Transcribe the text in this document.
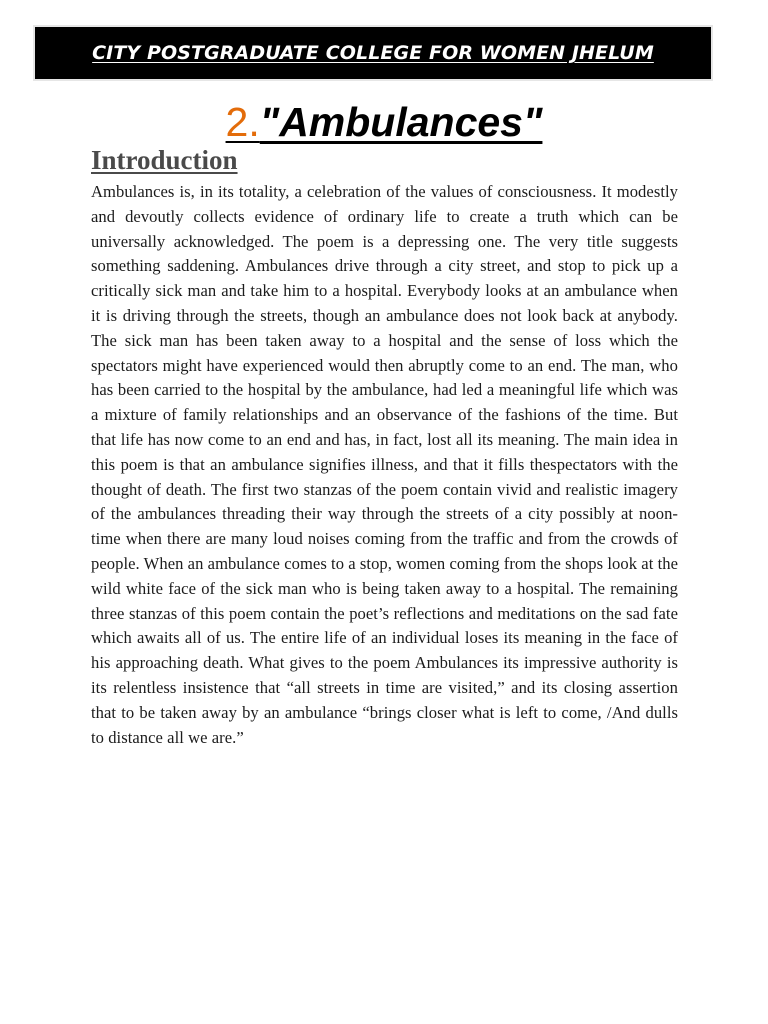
CITY POSTGRADUATE COLLEGE FOR WOMEN JHELUM
2."Ambulances"
Introduction

Ambulances is, in its totality, a celebration of the values of consciousness. It modestly and devoutly collects evidence of ordinary life to create a truth which can be universally acknowledged. The poem is a depressing one. The very title suggests something saddening. Ambulances drive through a city street, and stop to pick up a critically sick man and take him to a hospital. Everybody looks at an ambulance when it is driving through the streets, though an ambulance does not look back at anybody. The sick man has been taken away to a hospital and the sense of loss which the spectators might have experienced would then abruptly come to an end. The man, who has been carried to the hospital by the ambulance, had led a meaningful life which was a mixture of family relationships and an observance of the fashions of the time. But that life has now come to an end and has, in fact, lost all its meaning. The main idea in this poem is that an ambulance signifies illness, and that it fills thespectators with the thought of death. The first two stanzas of the poem contain vivid and realistic imagery of the ambulances threading their way through the streets of a city possibly at noon-time when there are many loud noises coming from the traffic and from the crowds of people. When an ambulance comes to a stop, women coming from the shops look at the wild white face of the sick man who is being taken away to a hospital. The remaining three stanzas of this poem contain the poet’s reflections and meditations on the sad fate which awaits all of us. The entire life of an individual loses its meaning in the face of his approaching death. What gives to the poem Ambulances its impressive authority is its relentless insistence that “all streets in time are visited,” and its closing assertion that to be taken away by an ambulance “brings closer what is left to come, /And dulls to distance all we are.”
